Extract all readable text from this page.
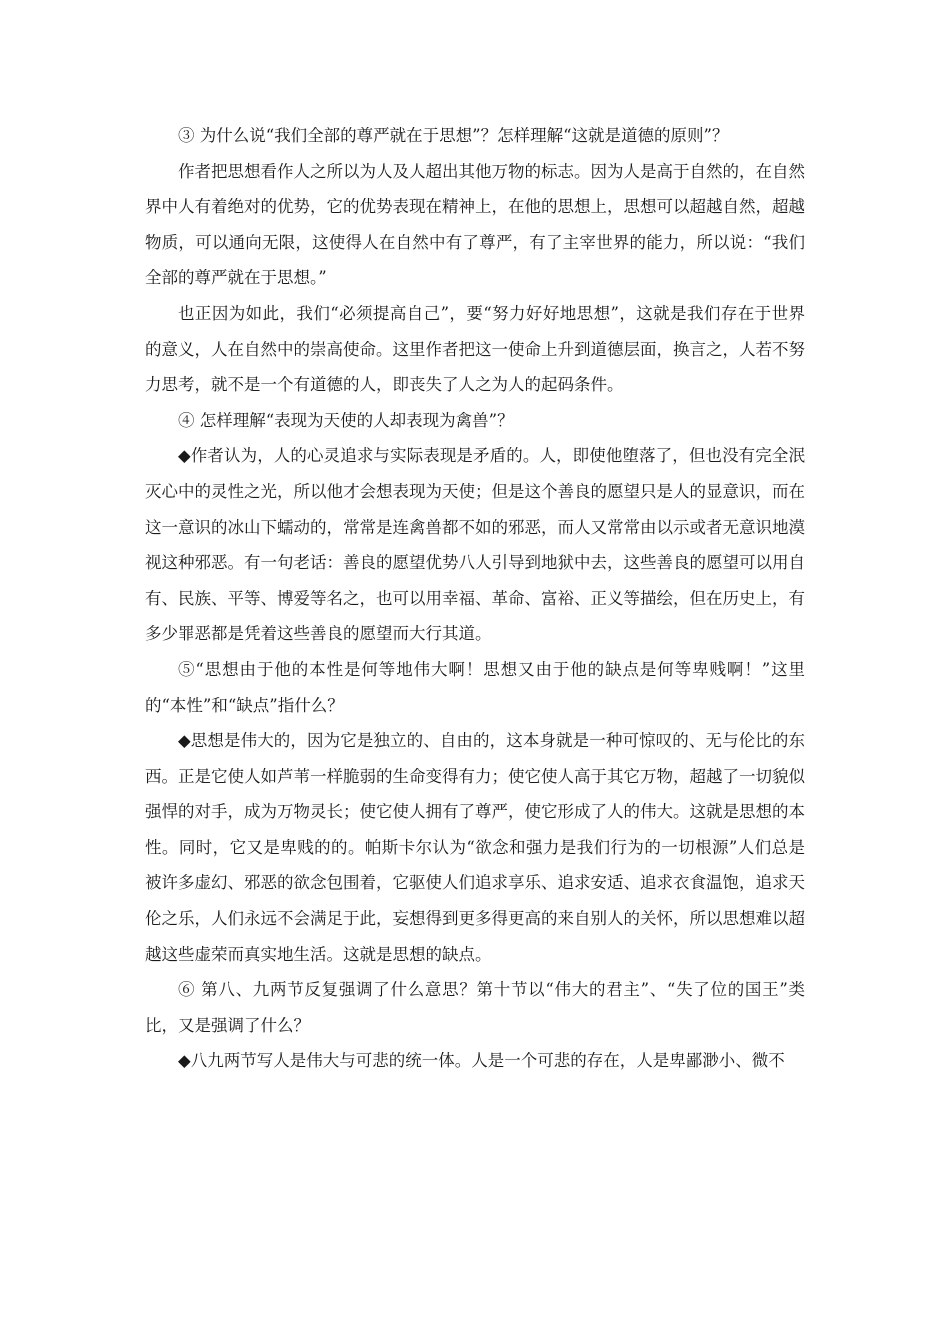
③ 为什么说“我们全部的尊严就在于思想”？怎样理解“这就是道德的原则”？

作者把思想看作人之所以为人及人超出其他万物的标志。因为人是高于自然的，在自然界中人有着绝对的优势，它的优势表现在精神上，在他的思想上，思想可以超越自然，超越物质，可以通向无限，这使得人在自然中有了尊严，有了主宰世界的能力，所以说：“我们全部的尊严就在于思想。”

也正因为如此，我们“必须提高自己”，要“努力好好地思想”，这就是我们存在于世界的意义，人在自然中的崇高使命。这里作者把这一使命上升到道德层面，换言之，人若不努力思考，就不是一个有道德的人，即丧失了人之为人的起码条件。

④ 怎样理解“表现为天使的人却表现为禽兽”？

◆作者认为，人的心灵追求与实际表现是矛盾的。人，即使他堕落了，但也没有完全泯灭心中的灵性之光，所以他才会想表现为天使；但是这个善良的愿望只是人的显意识，而在这一意识的冰山下蠕动的，常常是连禽兽都不如的邪恶，而人又常常由以示或者无意识地漠视这种邪恶。有一句老话：善良的愿望优势八人引导到地狱中去，这些善良的愿望可以用自有、民族、平等、博爱等名之，也可以用幸福、革命、富裕、正义等描绘，但在历史上，有多少罪恶都是凭着这些善良的愿望而大行其道。

⑤“思想由于他的本性是何等地伟大啊！思想又由于他的缺点是何等卑贱啊！”这里的“本性”和“缺点”指什么？

◆思想是伟大的，因为它是独立的、自由的，这本身就是一种可惊叹的、无与伦比的东西。正是它使人如芦苇一样脆弱的生命变得有力；使它使人高于其它万物，超越了一切貌似强悍的对手，成为万物灵长；使它使人拥有了尊严，使它形成了人的伟大。这就是思想的本性。同时，它又是卑贱的的。帕斯卡尔认为“欲念和强力是我们行为的一切根源”人们总是被许多虚幻、邪恶的欲念包围着，它驱使人们追求享乐、追求安适、追求衣食温饱，追求天伦之乐，人们永远不会满足于此，妄想得到更多得更高的来自别人的关怀，所以思想难以超越这些虚荣而真实地生活。这就是思想的缺点。

⑥ 第八、九两节反复强调了什么意思？第十节以“伟大的君主”、“失了位的国王”类比，又是强调了什么？

◆八九两节写人是伟大与可悲的统一体。人是一个可悲的存在，人是卑鄙渺小、微不
